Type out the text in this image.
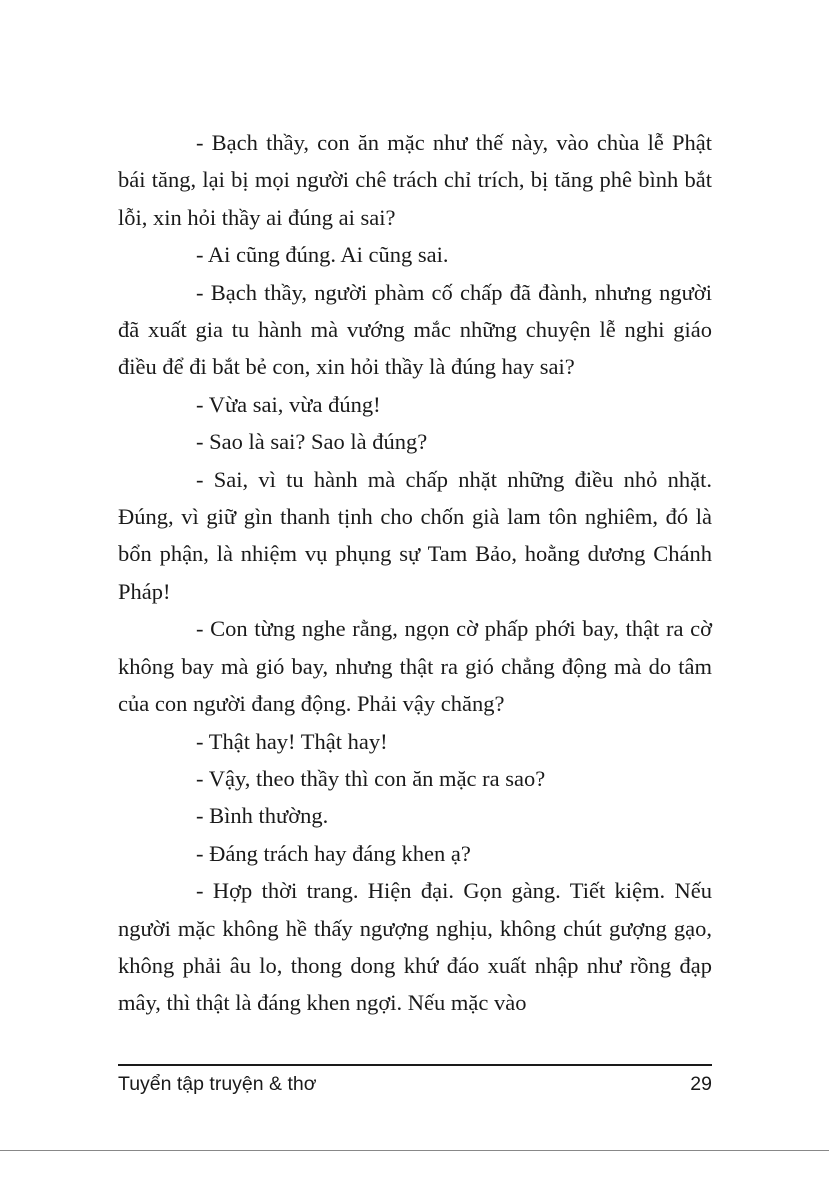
- Bạch thầy, con ăn mặc như thế này, vào chùa lễ Phật bái tăng, lại bị mọi người chê trách chỉ trích, bị tăng phê bình bắt lỗi, xin hỏi thầy ai đúng ai sai?

- Ai cũng đúng. Ai cũng sai.

- Bạch thầy, người phàm cố chấp đã đành, nhưng người đã xuất gia tu hành mà vướng mắc những chuyện lễ nghi giáo điều để đi bắt bẻ con, xin hỏi thầy là đúng hay sai?

- Vừa sai, vừa đúng!

- Sao là sai? Sao là đúng?

- Sai, vì tu hành mà chấp nhặt những điều nhỏ nhặt. Đúng, vì giữ gìn thanh tịnh cho chốn già lam tôn nghiêm, đó là bổn phận, là nhiệm vụ phụng sự Tam Bảo, hoằng dương Chánh Pháp!

- Con từng nghe rằng, ngọn cờ phấp phới bay, thật ra cờ không bay mà gió bay, nhưng thật ra gió chẳng động mà do tâm của con người đang động. Phải vậy chăng?

- Thật hay! Thật hay!

- Vậy, theo thầy thì con ăn mặc ra sao?

- Bình thường.

- Đáng trách hay đáng khen ạ?

- Hợp thời trang. Hiện đại. Gọn gàng. Tiết kiệm. Nếu người mặc không hề thấy ngượng nghịu, không chút gượng gạo, không phải âu lo, thong dong khứ đáo xuất nhập như rồng đạp mây, thì thật là đáng khen ngợi. Nếu mặc vào

Tuyển tập truyện & thơ	29
